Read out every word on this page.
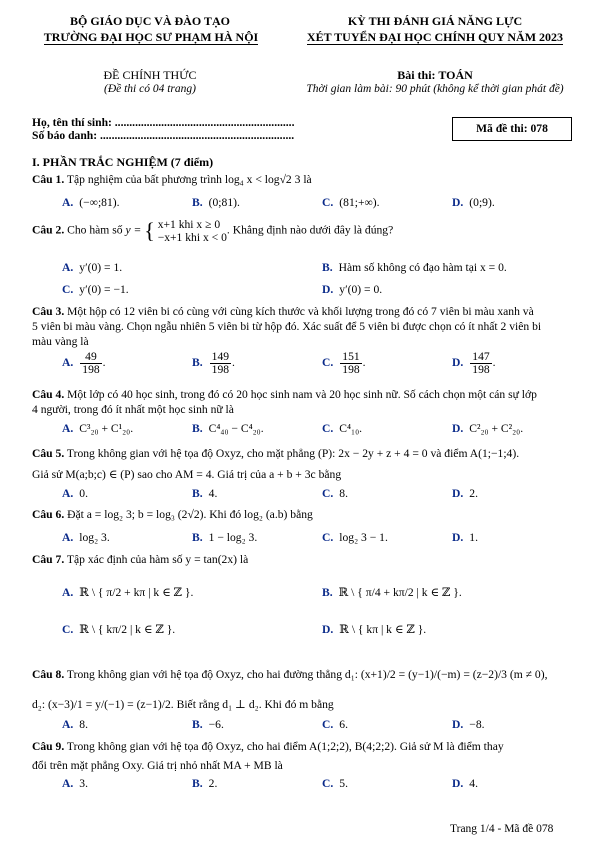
BỘ GIÁO DỤC VÀ ĐÀO TẠO
TRƯỜNG ĐẠI HỌC SƯ PHẠM HÀ NỘI
KỲ THI ĐÁNH GIÁ NĂNG LỰC
XÉT TUYỂN ĐẠI HỌC CHÍNH QUY NĂM 2023
ĐỀ CHÍNH THỨC
(Đề thi có 04 trang)
Bài thi: TOÁN
Thời gian làm bài: 90 phút (không kể thời gian phát đề)
Họ, tên thí sinh: ..............................................................
Số báo danh: ...................................................................
Mã đề thi: 078
I. PHẦN TRẮC NGHIỆM (7 điểm)
Câu 1. Tập nghiệm của bất phương trình log₄ x < log√2 3 là
A. (−∞;81).	B. (0;81).	C. (81;+∞).	D. (0;9).
Câu 2. Cho hàm số y = { x+1 khi x ≥ 0
−x+1 khi x < 0
. Khẳng định nào dưới đây là đúng?
A. y′(0) = 1.	B. Hàm số không có đạo hàm tại x = 0.
C. y′(0) = −1.	D. y′(0) = 0.
Câu 3. Một hộp có 12 viên bi có cùng với cùng kích thước và khối lượng trong đó có 7 viên bi màu xanh và
5 viên bi màu vàng. Chọn ngẫu nhiên 5 viên bi từ hộp đó. Xác suất để 5 viên bi được chọn có ít nhất 2 viên bi
màu vàng là
A. $\frac{49}{198}$ .	B. $\frac{149}{198}$ .	C. $\frac{151}{198}$ .	D. $\frac{147}{198}$ .
Câu 4. Một lớp có 40 học sinh, trong đó có 20 học sinh nam và 20 học sinh nữ. Số cách chọn một cán sự lớp
4 người, trong đó ít nhất một học sinh nữ là
A. C³₂₀ + C¹₂₀.	B. C⁴₄₀ − C⁴₂₀.	C. C⁴₁₀.	D. C²₂₀ + C²₂₀.
Câu 5. Trong không gian với hệ tọa độ Oxyz, cho mặt phẳng (P): 2x − 2y + z + 4 = 0 và điểm A(1;−1;4).
Giả sử M(a;b;c) ∈ (P) sao cho AM = 4. Giá trị của a + b + 3c bằng
A. 0.	B. 4.	C. 8.	D. 2.
Câu 6. Đặt a = log₂ 3; b = log₃ (2√2). Khi đó log₂ (a.b) bằng
A. log₂ 3.	B. 1 − log₂ 3.	C. log₂ 3 − 1.	D. 1.
Câu 7. Tập xác định của hàm số y = tan(2x) là
A. ℝ \ { π/2 + kπ | k ∈ ℤ }.	B. ℝ \ { π/4 + kπ/2 | k ∈ ℤ }.
C. ℝ \ { kπ/2 | k ∈ ℤ }.	D. ℝ \ { kπ | k ∈ ℤ }.
Câu 8. Trong không gian với hệ tọa độ Oxyz, cho hai đường thẳng d₁: (x+1)/2 = (y−1)/(−m) = (z−2)/3 (m ≠ 0),
d₂: (x−3)/1 = y/(−1) = (z−1)/2. Biết rằng d₁ ⊥ d₂. Khi đó m bằng
A. 8.	B. −6.	C. 6.	D. −8.
Câu 9. Trong không gian với hệ tọa độ Oxyz, cho hai điểm A(1;2;2), B(4;2;2). Giả sử M là điểm thay
đổi trên mặt phẳng Oxy. Giá trị nhỏ nhất MA + MB là
A. 3.	B. 2.	C. 5.	D. 4.
Trang 1/4 - Mã đề 078
